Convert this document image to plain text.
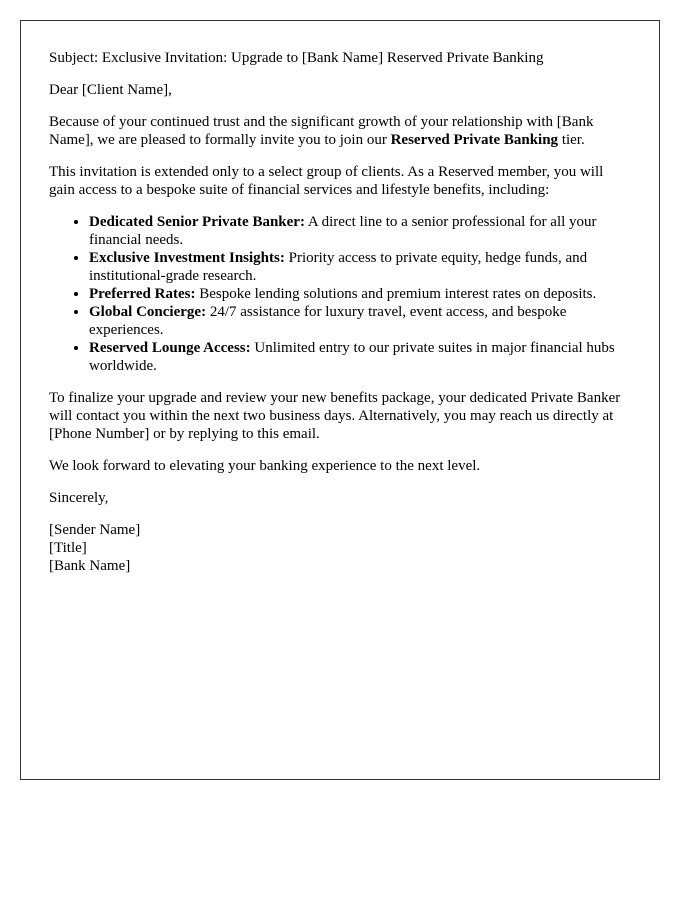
Subject: Exclusive Invitation: Upgrade to [Bank Name] Reserved Private Banking

Dear [Client Name],

Because of your continued trust and the significant growth of your relationship with [Bank Name], we are pleased to formally invite you to join our Reserved Private Banking tier.

This invitation is extended only to a select group of clients. As a Reserved member, you will gain access to a bespoke suite of financial services and lifestyle benefits, including:

• Dedicated Senior Private Banker: A direct line to a senior professional for all your financial needs.
• Exclusive Investment Insights: Priority access to private equity, hedge funds, and institutional-grade research.
• Preferred Rates: Bespoke lending solutions and premium interest rates on deposits.
• Global Concierge: 24/7 assistance for luxury travel, event access, and bespoke experiences.
• Reserved Lounge Access: Unlimited entry to our private suites in major financial hubs worldwide.

To finalize your upgrade and review your new benefits package, your dedicated Private Banker will contact you within the next two business days. Alternatively, you may reach us directly at [Phone Number] or by replying to this email.

We look forward to elevating your banking experience to the next level.

Sincerely,

[Sender Name]
[Title]
[Bank Name]
